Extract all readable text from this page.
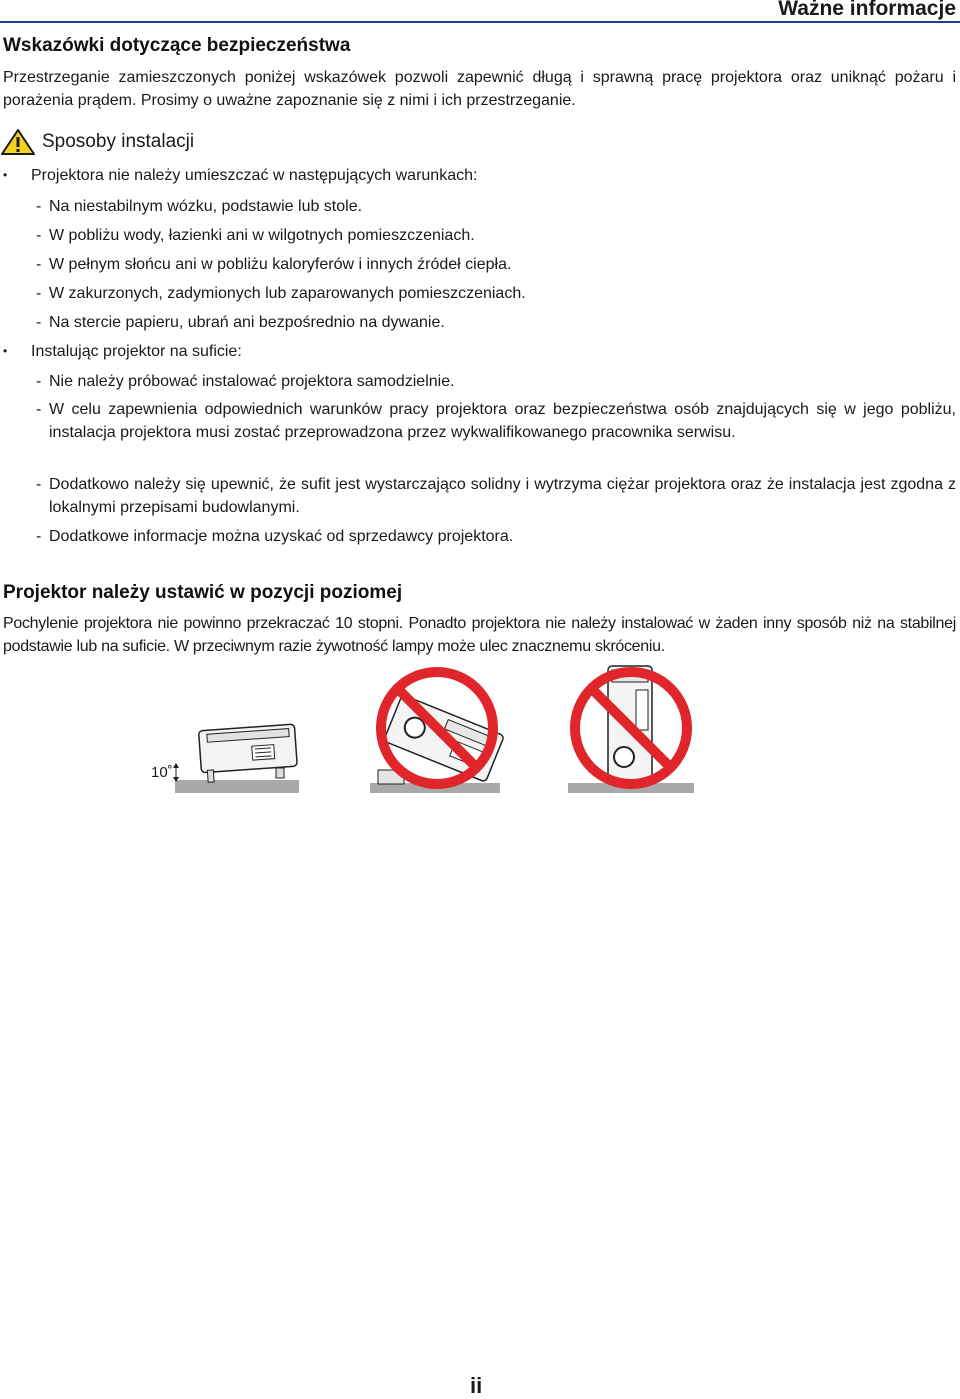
Ważne informacje
Wskazówki dotyczące bezpieczeństwa
Przestrzeganie zamieszczonych poniżej wskazówek pozwoli zapewnić długą i sprawną pracę projektora oraz uniknąć pożaru i porażenia prądem. Prosimy o uważne zapoznanie się z nimi i ich przestrzeganie.
Sposoby instalacji
• Projektora nie należy umieszczać w następujących warunkach:
- Na niestabilnym wózku, podstawie lub stole.
- W pobliżu wody, łazienki ani w wilgotnych pomieszczeniach.
- W pełnym słońcu ani w pobliżu kaloryferów i innych źródeł ciepła.
- W zakurzonych, zadymionych lub zaparowanych pomieszczeniach.
- Na stercie papieru, ubrań ani bezpośrednio na dywanie.
• Instalując projektor na suficie:
- Nie należy próbować instalować projektora samodzielnie.
- W celu zapewnienia odpowiednich warunków pracy projektora oraz bezpieczeństwa osób znajdujących się w jego pobliżu, instalacja projektora musi zostać przeprowadzona przez wykwalifikowanego pracownika serwisu.
- Dodatkowo należy się upewnić, że sufit jest wystarczająco solidny i wytrzyma ciężar projektora oraz że instalacja jest zgodna z lokalnymi przepisami budowlanymi.
- Dodatkowe informacje można uzyskać od sprzedawcy projektora.
Projektor należy ustawić w pozycji poziomej
Pochylenie projektora nie powinno przekraczać 10 stopni. Ponadto projektora nie należy instalować w żaden inny sposób niż na stabilnej podstawie lub na suficie. W przeciwnym razie żywotność lampy może ulec znacznemu skróceniu.
10˚
ii
